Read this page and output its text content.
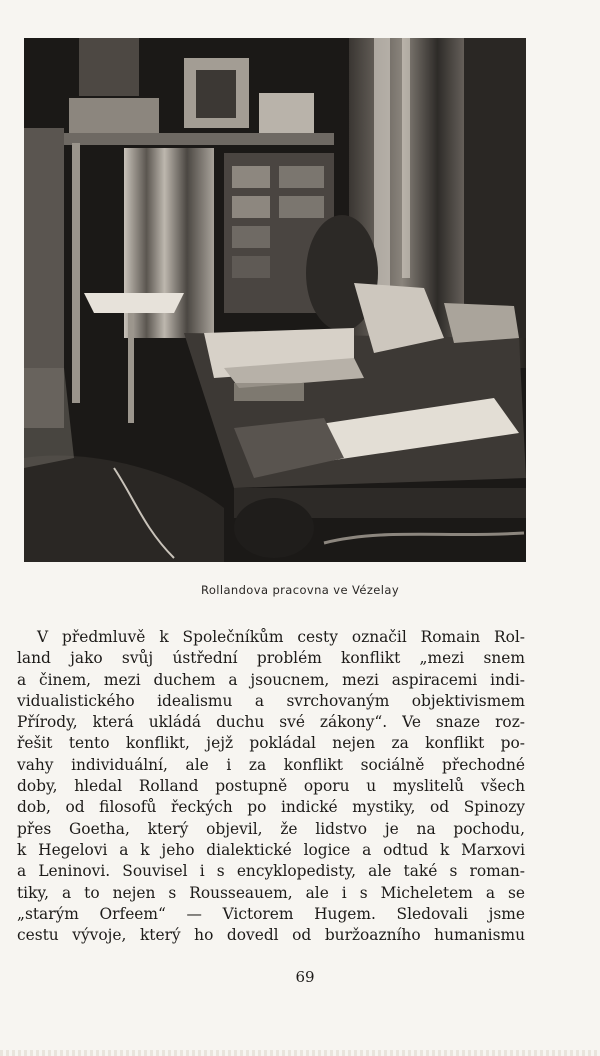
Rollandova pracovna ve Vézelay
V předmluvě k Společníkům cesty označil Romain Rol-
land jako svůj ústřední problém konflikt „mezi snem
a činem, mezi duchem a jsoucnem, mezi aspiracemi indi-
vidualistického idealismu a svrchovaným objektivismem
Přírody, která ukládá duchu své zákony“. Ve snaze roz-
řešit tento konflikt, jejž pokládal nejen za konflikt po-
vahy individuální, ale i za konflikt sociálně přechodné
doby, hledal Rolland postupně oporu u myslitelů všech
dob, od filosofů řeckých po indické mystiky, od Spinozy
přes Goetha, který objevil, že lidstvo je na pochodu,
k Hegelovi a k jeho dialektické logice a odtud k Marxovi
a Leninovi. Souvisel i s encyklopedisty, ale také s roman-
tiky, a to nejen s Rousseauem, ale i s Micheletem a se
„starým Orfeem“ — Victorem Hugem. Sledovali jsme
cestu vývoje, který ho dovedl od buržoazního humanismu
69
